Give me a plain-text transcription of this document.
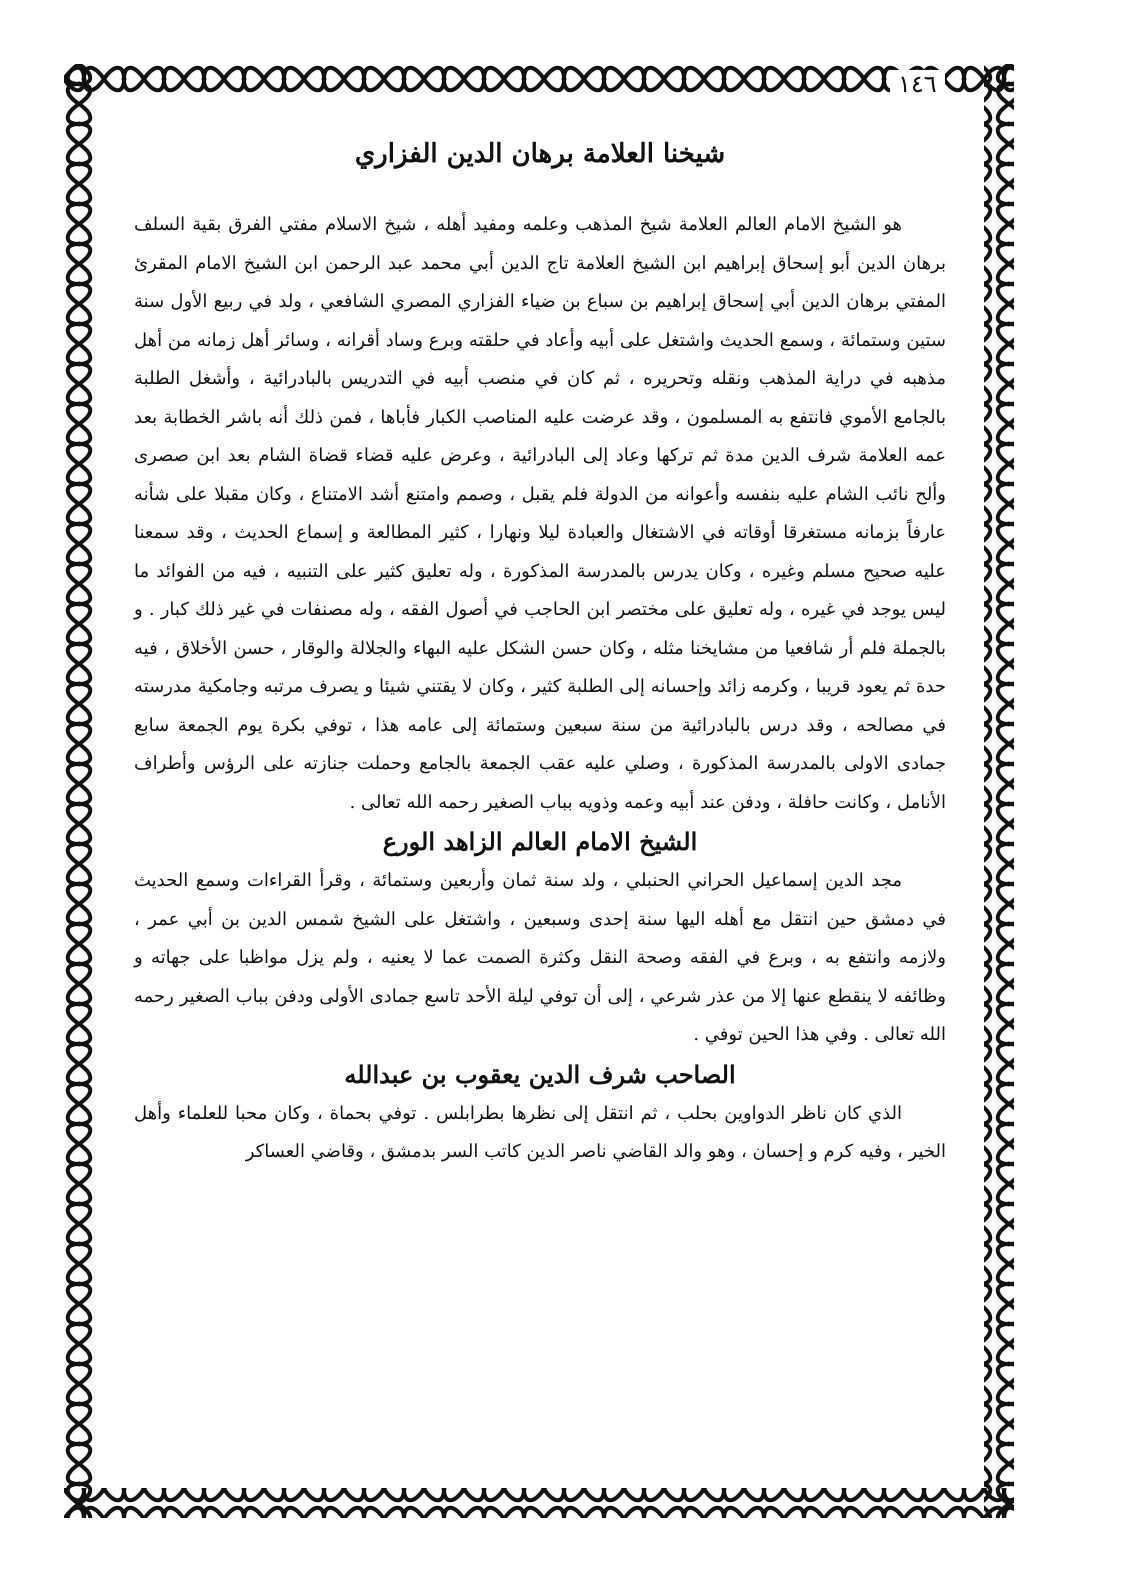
١٤٦
شيخنا العلامة برهان الدين الفزاري

هو الشيخ الامام العالم العلامة شيخ المذهب وعلمه ومفيد أهله ، شيخ الاسلام مفتي الفرق بقية السلف برهان الدين أبو إسحاق إبراهيم ابن الشيخ العلامة تاج الدين أبي محمد عبد الرحمن ابن الشيخ الامام المقرئ المفتي برهان الدين أبي إسحاق إبراهيم بن سباع بن ضياء الفزاري المصري الشافعي ، ولد في ربيع الأول سنة ستين وستمائة ، وسمع الحديث واشتغل على أبيه وأعاد في حلقته وبرع وساد أقرانه ، وسائر أهل زمانه من أهل مذهبه في دراية المذهب ونقله وتحريره ، ثم كان في منصب أبيه في التدريس بالبادرائية ، وأشغل الطلبة بالجامع الأموي فانتفع به المسلمون ، وقد عرضت عليه المناصب الكبار فأباها ، فمن ذلك أنه باشر الخطابة بعد عمه العلامة شرف الدين مدة ثم تركها وعاد إلى البادرائية ، وعرض عليه قضاء قضاة الشام بعد ابن صصرى وألح نائب الشام عليه بنفسه وأعوانه من الدولة فلم يقبل ، وصمم وامتنع أشد الامتناع ، وكان مقبلا على شأنه عارفاً بزمانه مستغرقا أوقاته في الاشتغال والعبادة ليلا ونهارا ، كثير المطالعة و إسماع الحديث ، وقد سمعنا عليه صحيح مسلم وغيره ، وكان يدرس بالمدرسة المذكورة ، وله تعليق كثير على التنبيه ، فيه من الفوائد ما ليس يوجد في غيره ، وله تعليق على مختصر ابن الحاجب في أصول الفقه ، وله مصنفات في غير ذلك كبار . و بالجملة فلم أر شافعيا من مشايخنا مثله ، وكان حسن الشكل عليه البهاء والجلالة والوقار ، حسن الأخلاق ، فيه حدة ثم يعود قريبا ، وكرمه زائد وإحسانه إلى الطلبة كثير ، وكان لا يقتني شيئا و يصرف مرتبه وجامكية مدرسته في مصالحه ، وقد درس بالبادرائية من سنة سبعين وستمائة إلى عامه هذا ، توفي بكرة يوم الجمعة سابع جمادى الاولى بالمدرسة المذكورة ، وصلي عليه عقب الجمعة بالجامع وحملت جنازته على الرؤس وأطراف الأنامل ، وكانت حافلة ، ودفن عند أبيه وعمه وذويه بباب الصغير رحمه الله تعالى .

الشيخ الامام العالم الزاهد الورع

مجد الدين إسماعيل الحراني الحنبلي ، ولد سنة ثمان وأربعين وستمائة ، وقرأ القراءات وسمع الحديث في دمشق حين انتقل مع أهله اليها سنة إحدى وسبعين ، واشتغل على الشيخ شمس الدين بن أبي عمر ، ولازمه وانتفع به ، وبرع في الفقه وصحة النقل وكثرة الصمت عما لا يعنيه ، ولم يزل مواظبا على جهاته و وظائفه لا ينقطع عنها إلا من عذر شرعي ، إلى أن توفي ليلة الأحد تاسع جمادى الأولى ودفن بباب الصغير رحمه الله تعالى . وفي هذا الحين توفي .

الصاحب شرف الدين يعقوب بن عبدالله

الذي كان ناظر الدواوين بحلب ، ثم انتقل إلى نظرها بطرابلس . توفي بحماة ، وكان محبا للعلماء وأهل الخير ، وفيه كرم و إحسان ، وهو والد القاضي ناصر الدين كاتب السر بدمشق ، وقاضي العساكر
